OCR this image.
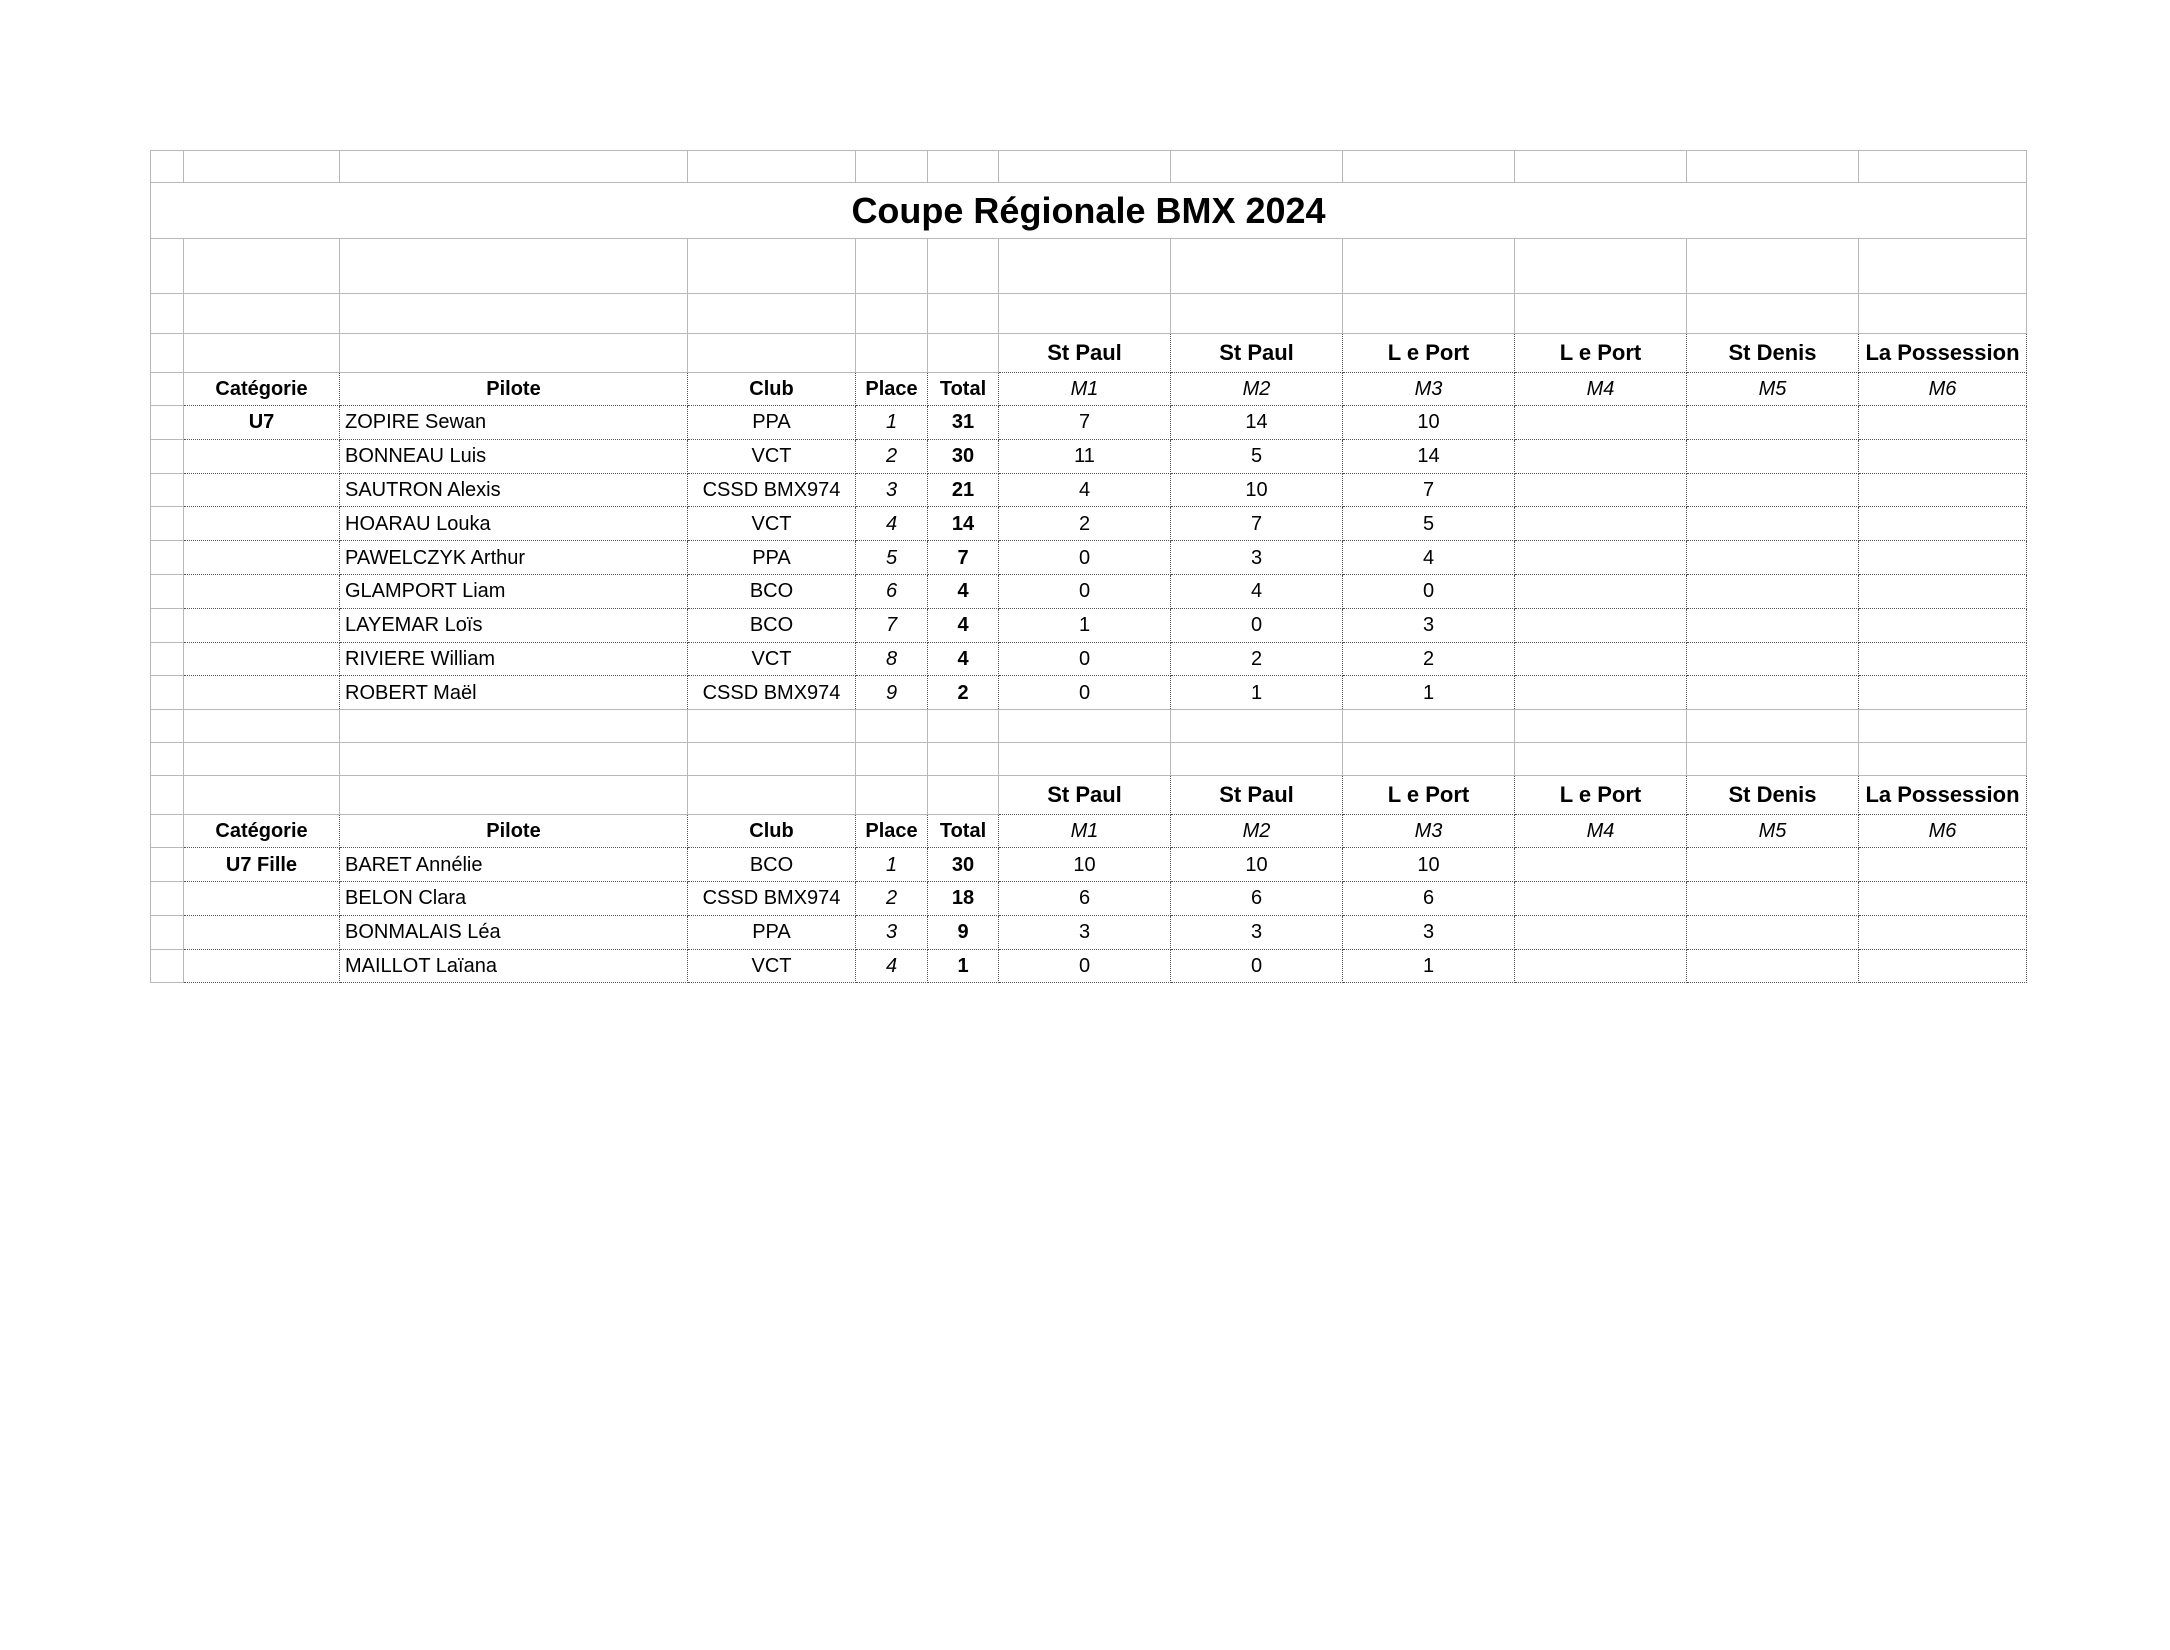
Coupe Régionale BMX 2024											

						St Paul	St Paul	L e Port	L e Port	St Denis	La Possession
	Catégorie	Pilote	Club	Place	Total	M1	M2	M3	M4	M5	M6
	U7	ZOPIRE Sewan	PPA	1	31	7	14	10			
		BONNEAU Luis	VCT	2	30	11	5	14			
		SAUTRON Alexis	CSSD BMX974	3	21	4	10	7			
		HOARAU Louka	VCT	4	14	2	7	5			
		PAWELCZYK Arthur	PPA	5	7	0	3	4			
		GLAMPORT Liam	BCO	6	4	0	4	0			
		LAYEMAR Loïs	BCO	7	4	1	0	3			
		RIVIERE William	VCT	8	4	0	2	2			
		ROBERT Maël	CSSD BMX974	9	2	0	1	1			

						St Paul	St Paul	L e Port	L e Port	St Denis	La Possession
	Catégorie	Pilote	Club	Place	Total	M1	M2	M3	M4	M5	M6
	U7 Fille	BARET Annélie	BCO	1	30	10	10	10			
		BELON Clara	CSSD BMX974	2	18	6	6	6			
		BONMALAIS Léa	PPA	3	9	3	3	3			
		MAILLOT Laïana	VCT	4	1	0	0	1			
